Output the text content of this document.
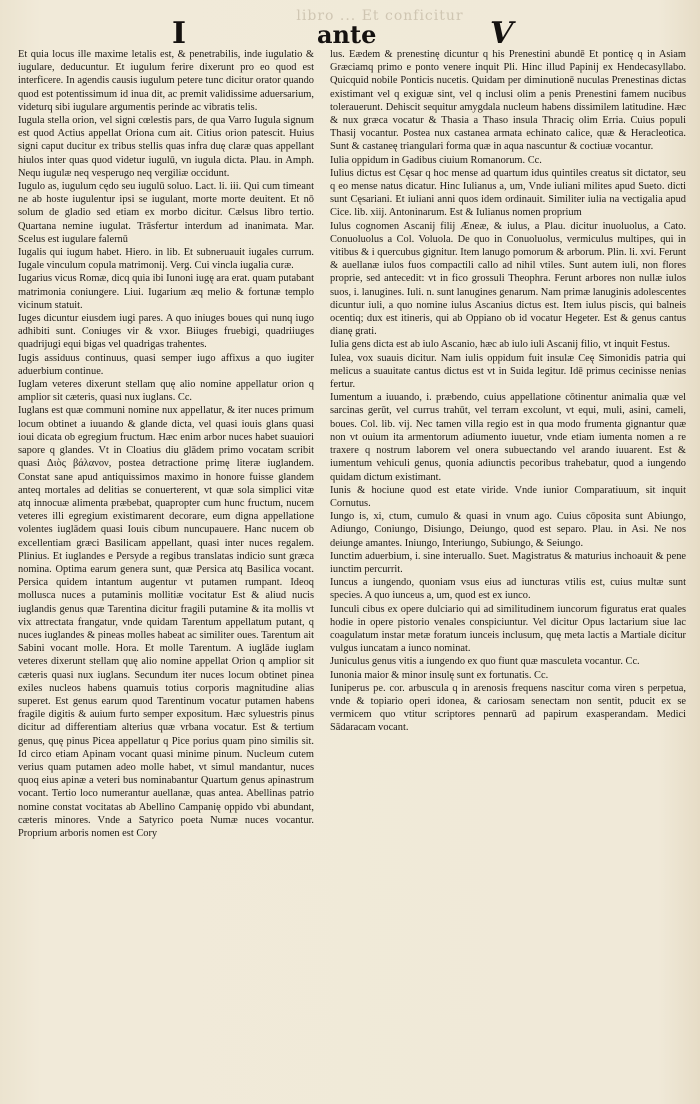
libro ... Et conficitur
I	ante	V

Et quia locus ille maxime letalis est, & penetrabilis, inde iugulatio & iugulare, deducuntur. Et iugulum ferire dixerunt pro eo quod est interficere. In agendis causis iugulum petere tunc dicitur orator quando quod est potentissimum id inua dit, ac premit validissime aduersarium, videturq sibi iugulare argumentis perinde ac vibratis telis.

Iugula stella orion, vel signi cœlestis pars, de qua Varro Iugula signum est quod Actius appellat Oriona cum ait. Citius orion patescit. Huius signi caput ducitur ex tribus stellis quas infra duę claræ quas appellant hiulos inter quas quod videtur iugulū, vn iugula dicta. Plau. in Amph. Nequ iugulæ neq vesperugo neq vergiliæ occidunt.

Iugulo as, iugulum cędo seu iugulū soluo. Lact. li. iii. Qui cum timeant ne ab hoste iugulentur ipsi se iugulant, morte morte deuitent. Et nō solum de gladio sed etiam ex morbo dicitur. Cælsus libro tertio. Quartana nemine iugulat. Trāsfertur interdum ad inanimata. Mar. Scelus est iugulare falernū

Iugalis qui iugum habet. Hiero. in lib. Et subneruauit iugales currum. Iugale vinculum copula matrimonij. Verg. Cui vincla iugalia curæ.

Iugarius vicus Romæ, dicq quia ibi Iunoni iugę ara erat. quam putabant matrimonia coniungere. Liui. Iugarium æq melio & fortunæ templo vicinum statuit.

Iuges dicuntur eiusdem iugi pares. A quo iniuges boues qui nunq iugo adhibiti sunt. Coniuges vir & vxor. Biiuges fruebigi, quadriiuges quadrijugi equi bigas vel quadrigas trahentes.

Iugis assiduus continuus, quasi semper iugo affixus a quo iugiter aduerbium continue.

Iuglam veteres dixerunt stellam quę alio nomine appellatur orion q amplior sit cæteris, quasi nux iuglans. Cc.

Iuglans est quæ communi nomine nux appellatur, & iter nuces primum locum obtinet a iuuando & glande dicta, vel quasi iouis glans quasi ioui dicata ob egregium fructum. Hæc enim arbor nuces habet suauiori sapore q glandes. Vt in Cloatius diu glādem primo vocatam scribit quasi Διὸς βάλανον, postea detractione primę literæ iuglandem. Constat sane apud antiquissimos maximo in honore fuisse glandem anteq mortales ad delitias se conuerterent, vt quæ sola simplici vitæ atq innocuæ alimenta præbebat, quapropter cum hunc fructum, nucem veteres illi egregium existimarent decorare, eum digna appellatione volentes iuglādem quasi Iouis cibum nuncupauere. Hanc nucem ob excellentiam græci Basilicam appellant, quasi inter nuces regalem. Plinius. Et iuglandes e Persyde a regibus translatas indicio sunt græca nomina. Optima earum genera sunt, quæ Persica atq Basilica vocant. Persica quidem intantum augentur vt putamen rumpant. Ideoq mollusca nuces a putaminis mollitiæ vocitatur Est & aliud nucis iuglandis genus quæ Tarentina dicitur fragili putamine & ita mollis vt vix attrectata frangatur, vnde quidam Tarentum appellatum putant, q nuces iuglandes & pineas molles habeat ac similiter oues. Tarentum ait Sabini vocant molle. Hora. Et molle Tarentum. A iuglāde iuglam veteres dixerunt stellam quę alio nomine appellat Orion q amplior sit cæteris quasi nux iuglans. Secundum iter nuces locum obtinet pinea exiles nucleos habens quamuis totius corporis magnitudine alias superet. Est genus earum quod Tarentinum vocatur putamen habens fragile digitis & auium furto semper expositum. Hæc syluestris pinus dicitur ad differentiam alterius quæ vrbana vocatur. Est & tertium genus, quę pinus Picea appellatur q Pice porius quam pino similis sit. Id circo etiam Apinam vocant quasi minime pinum. Nucleum cutem verius quam putamen adeo molle habet, vt simul mandantur, nuces quoq eius apinæ a veteri bus nominabantur Quartum genus apinastrum vocant. Tertio loco numerantur auellanæ, quas antea. Abellinas patrio nomine constat vocitatas ab Abellino Campanię oppido vbi abundant, cæteris minores. Vnde a Satyrico poeta Numæ nuces vocantur. Proprium arboris nomen est Cory

lus. Eædem & prenestinę dicuntur q his Prenestini abundē Et ponticę q in Asiam Græciamq primo e ponto venere inquit Pli. Hinc illud Papinij ex Hendecasyllabo. Quicquid nobile Ponticis nucetis. Quidam per diminutionē nuculas Prenestinas dictas existimant vel q exiguæ sint, vel q inclusi olim a penis Prenestini famem nucibus tolerauerunt. Dehiscit sequitur amygdala nucleum habens dissimilem latitudine. Hæc & nux græca vocatur & Thasia a Thaso insula Thraciç olim Erria. Cuius populi Thasij vocantur. Postea nux castanea armata echinato calice, quæ & Heracleotica. Sunt & castaneę triangulari forma quæ in aqua nascuntur & coctiuæ vocantur.

Iulia oppidum in Gadibus ciuium Romanorum. Cc.

Iulius dictus est Cęsar q hoc mense ad quartum idus quintiles creatus sit dictator, seu q eo mense natus dicatur. Hinc Iulianus a, um, Vnde iuliani milites apud Sueto. dicti sunt Cęsariani. Et iuliani anni quos idem ordinauit. Similiter iulia na vectigalia apud Cice. lib. xiij. Antoninarum. Est & Iulianus nomen proprium

Iulus cognomen Ascanij filij Æneæ, & iulus, a Plau. dicitur inuoluolus, a Cato. Conuoluolus a Col. Voluola. De quo in Conuoluolus, vermiculus multipes, qui in vitibus & i quercubus gignitur. Item lanugo pomorum & arborum. Plin. li. xvi. Ferunt & auellanæ iulos fuos compactili callo ad nihil vtiles. Sunt autem iuli, non flores proprie, sed antecedit: vt in fico grossuli Theophra. Ferunt arbores non nullæ iulos suos, i. lanugines. Iuli. n. sunt lanugines genarum. Nam primæ lanuginis adolescentes dicuntur iuli, a quo nomine iulus Ascanius dictus est. Item iulus piscis, qui balneis ocentiq; dux est itineris, qui ab Oppiano ob id vocatur Hegeter. Est & genus cantus dianę grati.

Iulia gens dicta est ab iulo Ascanio, hæc ab iulo iuli Ascanij filio, vt inquit Festus.

Iulea, vox suauis dicitur. Nam iulis oppidum fuit insulæ Ceę Simonidis patria qui melicus a suauitate cantus dictus est vt in Suida legitur. Idē primus cecinisse nenias fertur.

Iumentum a iuuando, i. præbendo, cuius appellatione cōtinentur animalia quæ vel sarcinas gerūt, vel currus trahūt, vel terram excolunt, vt equi, muli, asini, cameli, boues. Col. lib. vij. Nec tamen villa regio est in qua modo frumenta gignantur quæ non vt ouium ita armentorum adiumento iuuetur, vnde etiam iumenta nomen a re traxere q nostrum laborem vel onera subuectando vel arando iuuarent. Est & iumentum vehiculi genus, quonia adiunctis pecoribus trahebatur, quod a iungendo quidam dictum existimant.

Iunis & hociune quod est etate viride. Vnde iunior Comparatiuum, sit inquit Cornutus.

Iungo is, xi, ctum, cumulo & quasi in vnum ago. Cuius cōposita sunt Abiungo, Adiungo, Coniungo, Disiungo, Deiungo, quod est separo. Plau. in Asi. Ne nos deiunge amantes. Iniungo, Interiungo, Subiungo, & Seiungo.

Iunctim aduerbium, i. sine interuallo. Suet. Magistratus & maturius inchoauit & pene iunctim percurrit.

Iuncus a iungendo, quoniam vsus eius ad iuncturas vtilis est, cuius multæ sunt species. A quo iunceus a, um, quod est ex iunco.

Iunculi cibus ex opere dulciario qui ad similitudinem iuncorum figuratus erat quales hodie in opere pistorio venales conspiciuntur. Vel dicitur Opus lactarium siue lac coagulatum instar metæ foratum iunceis inclusum, quę meta lactis a Martiale dicitur vulgus iuncatam a iunco nominat.

Juniculus genus vitis a iungendo ex quo fiunt quæ masculeta vocantur. Cc.

Iunonia maior & minor insulę sunt ex fortunatis. Cc.

Iuniperus pe. cor. arbuscula q in arenosis frequens nascitur coma viren s perpetua, vnde & topiario operi idonea, & cariosam senectam non sentit, pducit ex se vermicem quo vtitur scriptores pennarū ad papirum exasperandam. Medici Sādaracam vocant.
